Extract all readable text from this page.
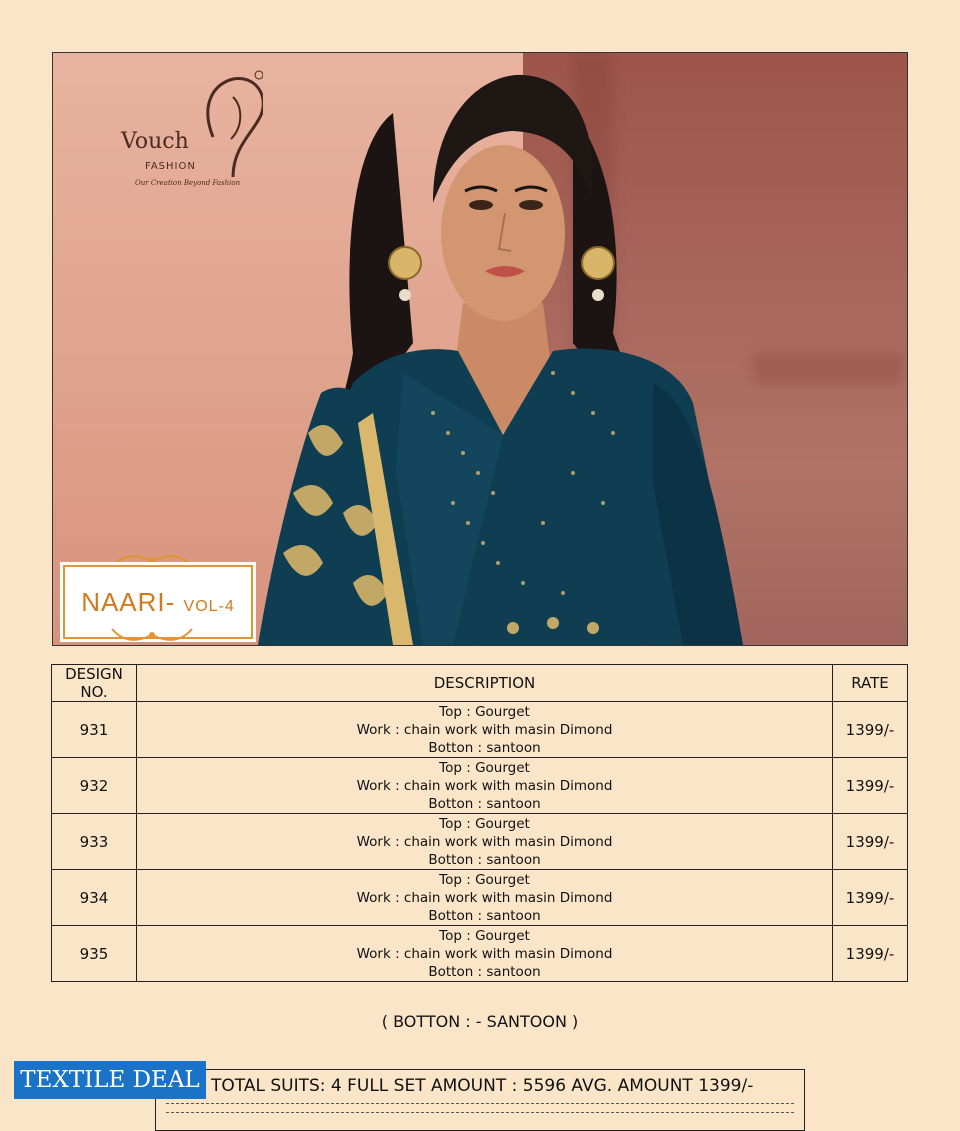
Vouch
FASHION
Our Creation Beyond Fashion
NAARI- VOL-4
DESIGN
NO.	DESCRIPTION	RATE
931	Top : Gourget
Work : chain work with masin Dimond
Botton : santoon	1399/-
932	Top : Gourget
Work : chain work with masin Dimond
Botton : santoon	1399/-
933	Top : Gourget
Work : chain work with masin Dimond
Botton : santoon	1399/-
934	Top : Gourget
Work : chain work with masin Dimond
Botton : santoon	1399/-
935	Top : Gourget
Work : chain work with masin Dimond
Botton : santoon	1399/-
( BOTTON : - SANTOON )
TOTAL SUITS: 4 FULL SET AMOUNT : 5596 AVG. AMOUNT 1399/-
TEXTILE DEAL
